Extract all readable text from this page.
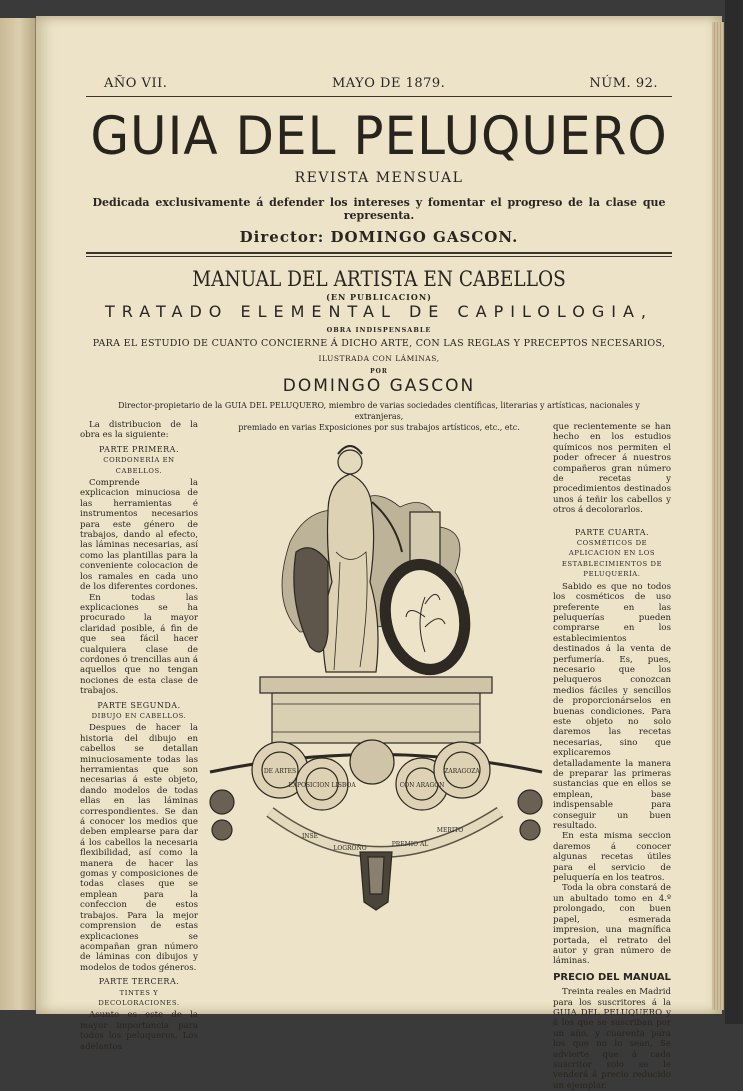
AÑO VII.	MAYO DE 1879.	NÚM. 92.
GUIA DEL PELUQUERO
REVISTA MENSUAL
Dedicada exclusivamente á defender los intereses y fomentar el progreso de la clase que representa.
Director: DOMINGO GASCON.
MANUAL DEL ARTISTA EN CABELLOS
(EN PUBLICACION)
TRATADO ELEMENTAL DE CAPILOLOGIA,
OBRA INDISPENSABLE
PARA EL ESTUDIO DE CUANTO CONCIERNE Á DICHO ARTE, CON LAS REGLAS Y PRECEPTOS NECESARIOS,
ILUSTRADA CON LÁMINAS,
POR
DOMINGO GASCON
Director-propietario de la GUIA DEL PELUQUERO, miembro de varias sociedades científicas, literarias y artísticas, nacionales y extranjeras,
premiado en varias Exposiciones por sus trabajos artísticos, etc., etc.

La distribucion de la obra es la siguiente:

PARTE PRIMERA.
CORDONERÍA EN CABELLOS.

Comprende la explicacion minuciosa de las herramientas é instrumentos necesarios para este género de trabajos, dando al efecto, las láminas necesarias, así como las plantillas para la conveniente colocacion de los ramales en cada uno de los diferentes cordones.

En todas las explicaciones se ha procurado la mayor claridad posible, á fin de que sea fácil hacer cualquiera clase de cordones ó trencillas aun á aquellos que no tengan nociones de esta clase de trabajos.

PARTE SEGUNDA.
DIBUJO EN CABELLOS.

Despues de hacer la historia del dibujo en cabellos se detallan minuciosamente todas las herramientas que son necesarias á este objeto, dando modelos de todas ellas en las láminas correspondientes. Se dan á conocer los medios que deben emplearse para dar á los cabellos la necesaria flexibilidad, así como la manera de hacer las gomas y composiciones de todas clases que se emplean para la confeccion de estos trabajos. Para la mejor comprension de estas explicaciones se acompañan gran número de láminas con dibujos y modelos de todos géneros.

PARTE TERCERA.
TINTES Y DECOLORACIONES.

Asunto es este de la mayor importancia para todos los peluqueros. Los adelantos

que recientemente se han hecho en los estudios químicos nos permiten el poder ofrecer á nuestros compañeros gran número de recetas y procedimientos destinados unos á teñir los cabellos y otros á decolorarlos.

PARTE CUARTA.
COSMÉTICOS DE APLICACION EN LOS ESTABLECIMIENTOS DE PELUQUERÍA.

Sabido es que no todos los cosméticos de uso preferente en las peluquerías pueden comprarse en los establecimientos destinados á la venta de perfumería. Es, pues, necesario que los peluqueros conozcan medios fáciles y sencillos de proporcionárselos en buenas condiciones. Para este objeto no solo daremos las recetas necesarias, sino que explicaremos detalladamente la manera de preparar las primeras sustancias que en ellos se emplean, base indispensable para conseguir un buen resultado.

En esta misma seccion daremos á conocer algunas recetas útiles para el servicio de peluquería en los teatros.

Toda la obra constará de un abultado tomo en 4.º prolongado, con buen papel, esmerada impresion, una magnífica portada, el retrato del autor y gran número de láminas.

PRECIO DEL MANUAL

Treinta reales en Madrid para los suscritores á la GUIA DEL PELUQUERO y á los que se suscriban por un año, y cuarenta para los que no lo sean. Se advierte que á cada suscritor solo se le venderá á precio reducido un ejemplar.

DE ARTES
EXPOSICION LISBOA	CON ARAGON
ZARAGOZA
INSE
LOGROÑO
PREMIO AL
MERITO
